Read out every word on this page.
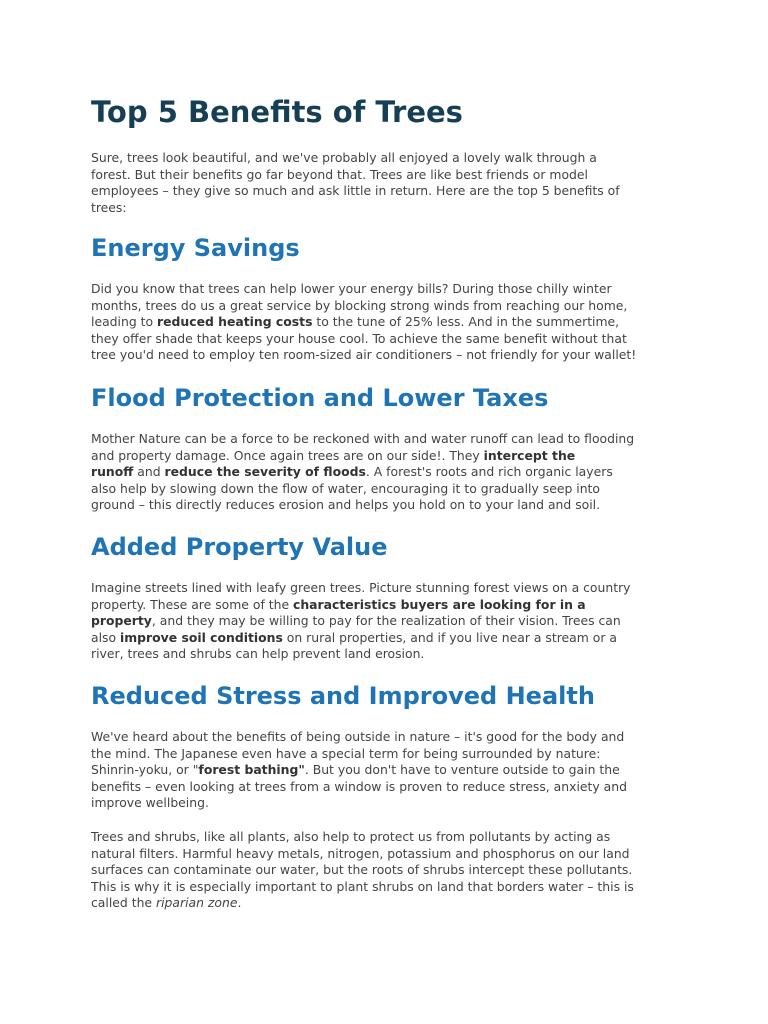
Top 5 Benefits of Trees

Sure, trees look beautiful, and we've probably all enjoyed a lovely walk through a
forest. But their benefits go far beyond that. Trees are like best friends or model
employees – they give so much and ask little in return. Here are the top 5 benefits of
trees:

Energy Savings

Did you know that trees can help lower your energy bills? During those chilly winter
months, trees do us a great service by blocking strong winds from reaching our home,
leading to reduced heating costs to the tune of 25% less. And in the summertime,
they offer shade that keeps your house cool. To achieve the same benefit without that
tree you'd need to employ ten room-sized air conditioners – not friendly for your wallet!

Flood Protection and Lower Taxes

Mother Nature can be a force to be reckoned with and water runoff can lead to flooding
and property damage. Once again trees are on our side!. They intercept the
runoff and reduce the severity of floods. A forest's roots and rich organic layers
also help by slowing down the flow of water, encouraging it to gradually seep into
ground – this directly reduces erosion and helps you hold on to your land and soil.

Added Property Value

Imagine streets lined with leafy green trees. Picture stunning forest views on a country
property. These are some of the characteristics buyers are looking for in a
property, and they may be willing to pay for the realization of their vision. Trees can
also improve soil conditions on rural properties, and if you live near a stream or a
river, trees and shrubs can help prevent land erosion.

Reduced Stress and Improved Health

We've heard about the benefits of being outside in nature – it's good for the body and
the mind. The Japanese even have a special term for being surrounded by nature:
Shinrin-yoku, or "forest bathing". But you don't have to venture outside to gain the
benefits – even looking at trees from a window is proven to reduce stress, anxiety and
improve wellbeing.

Trees and shrubs, like all plants, also help to protect us from pollutants by acting as
natural filters. Harmful heavy metals, nitrogen, potassium and phosphorus on our land
surfaces can contaminate our water, but the roots of shrubs intercept these pollutants.
This is why it is especially important to plant shrubs on land that borders water – this is
called the riparian zone.
